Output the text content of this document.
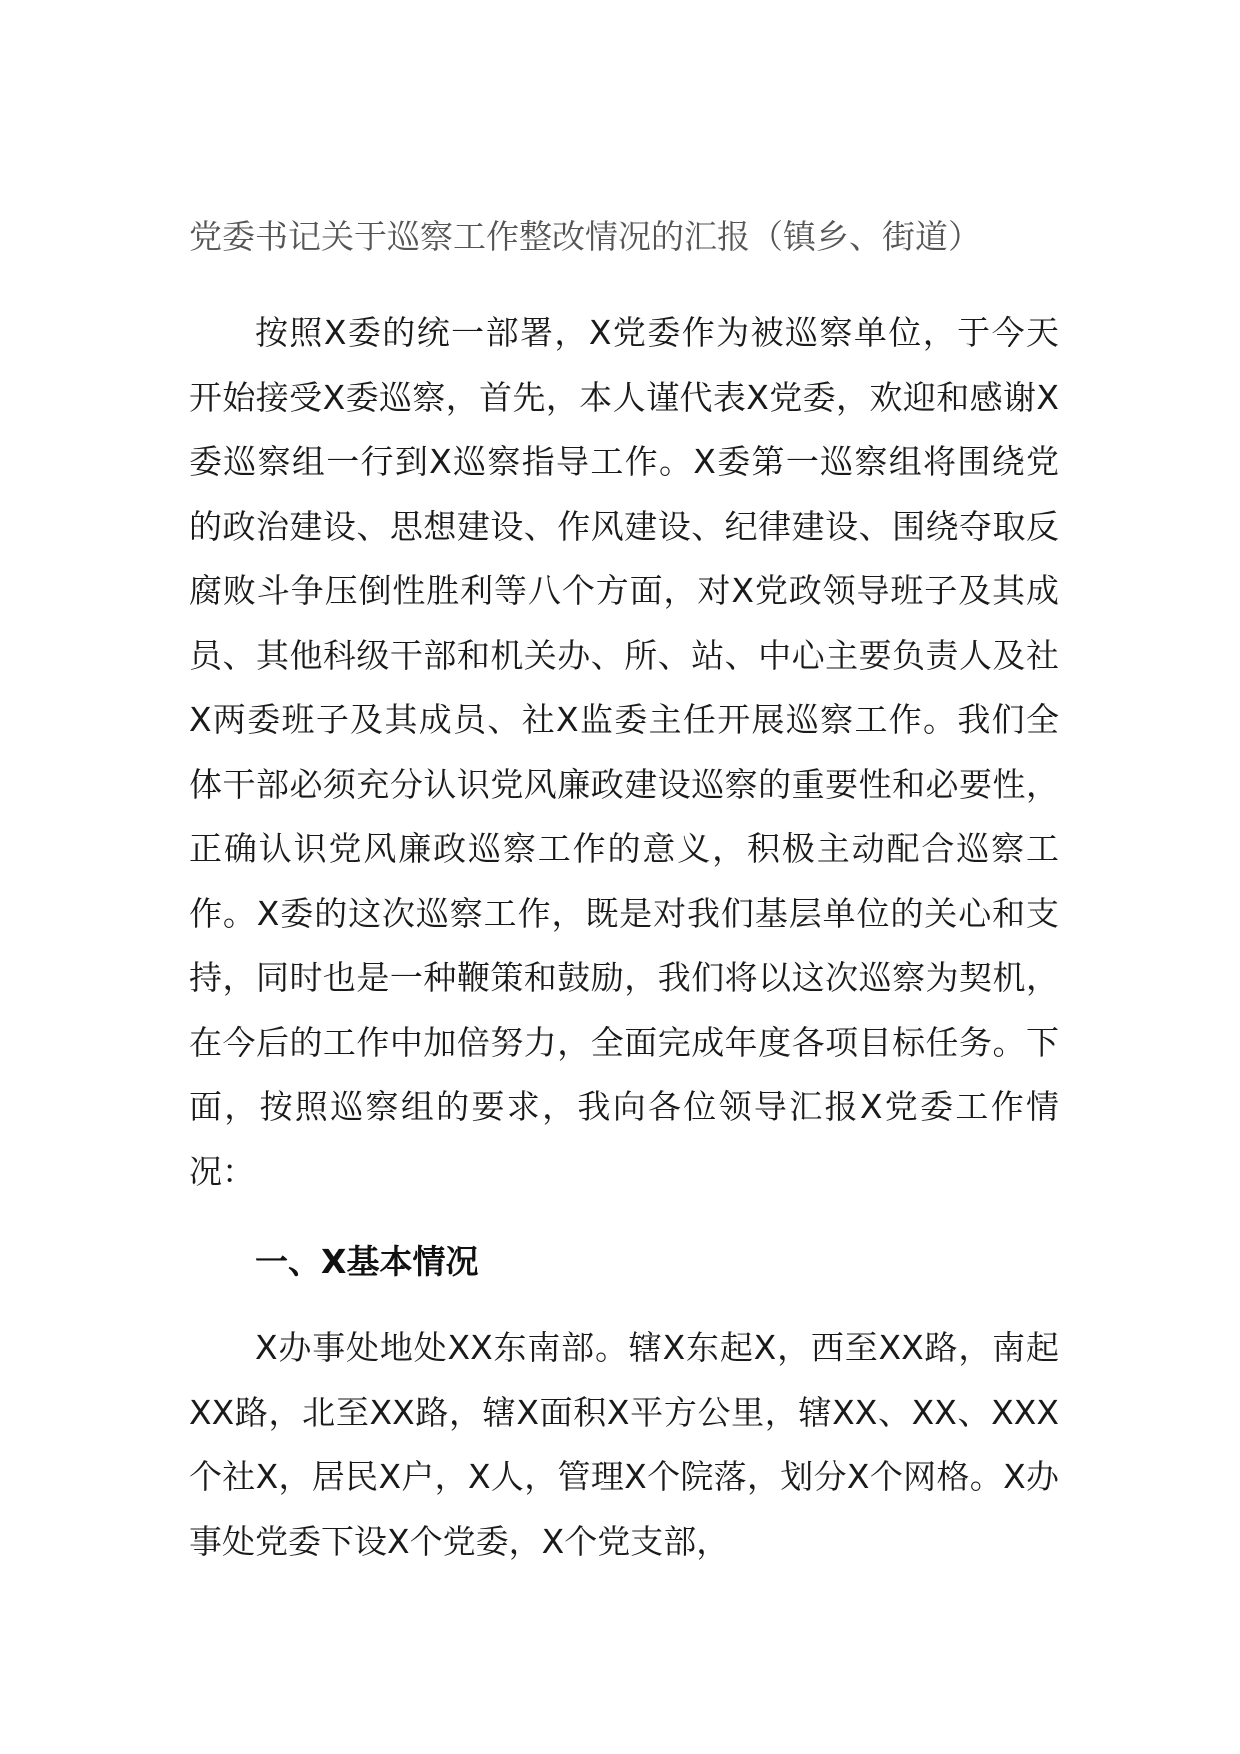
党委书记关于巡察工作整改情况的汇报（镇乡、街道）

按照X委的统一部署，X党委作为被巡察单位，于今天开始接受X委巡察，首先，本人谨代表X党委，欢迎和感谢X委巡察组一行到X巡察指导工作。X委第一巡察组将围绕党的政治建设、思想建设、作风建设、纪律建设、围绕夺取反腐败斗争压倒性胜利等八个方面，对X党政领导班子及其成员、其他科级干部和机关办、所、站、中心主要负责人及社X两委班子及其成员、社X监委主任开展巡察工作。我们全体干部必须充分认识党风廉政建设巡察的重要性和必要性，正确认识党风廉政巡察工作的意义，积极主动配合巡察工作。X委的这次巡察工作，既是对我们基层单位的关心和支持，同时也是一种鞭策和鼓励，我们将以这次巡察为契机，在今后的工作中加倍努力，全面完成年度各项目标任务。下面，按照巡察组的要求，我向各位领导汇报X党委工作情况：

一、X基本情况

X办事处地处XX东南部。辖X东起X，西至XX路，南起XX路，北至XX路，辖X面积X平方公里，辖XX、XX、XXX个社X，居民X户，X人，管理X个院落，划分X个网格。X办事处党委下设X个党委，X个党支部，
